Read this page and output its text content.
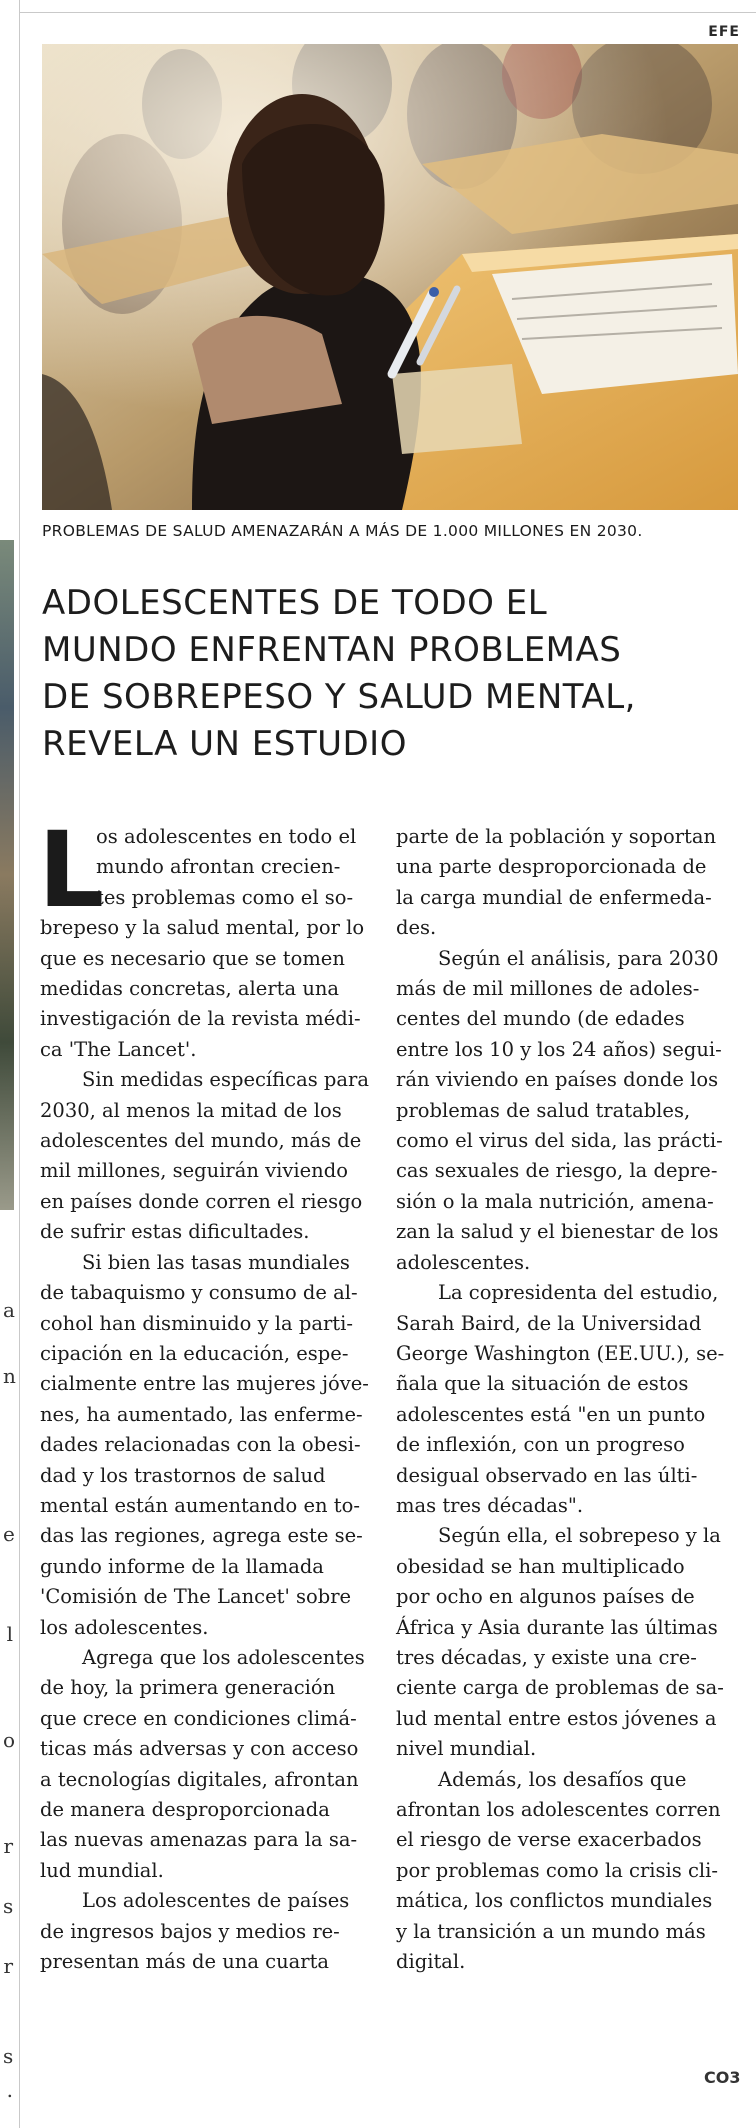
a
n
e
l
o
r
s
r
s
.
EFE
PROBLEMAS DE SALUD AMENAZARÁN A MÁS DE 1.000 MILLONES EN 2030.
ADOLESCENTES DE TODO EL
MUNDO ENFRENTAN PROBLEMAS
DE SOBREPESO Y SALUD MENTAL,
REVELA UN ESTUDIO
L
os adolescentes en todo el
mundo afrontan crecien-
tes problemas como el so-
brepeso y la salud mental, por lo
que es necesario que se tomen
medidas concretas, alerta una
investigación de la revista médi-
ca 'The Lancet'.
Sin medidas específicas para
2030, al menos la mitad de los
adolescentes del mundo, más de
mil millones, seguirán viviendo
en países donde corren el riesgo
de sufrir estas dificultades.
Si bien las tasas mundiales
de tabaquismo y consumo de al-
cohol han disminuido y la parti-
cipación en la educación, espe-
cialmente entre las mujeres jóve-
nes, ha aumentado, las enferme-
dades relacionadas con la obesi-
dad y los trastornos de salud
mental están aumentando en to-
das las regiones, agrega este se-
gundo informe de la llamada
'Comisión de The Lancet' sobre
los adolescentes.
Agrega que los adolescentes
de hoy, la primera generación
que crece en condiciones climá-
ticas más adversas y con acceso
a tecnologías digitales, afrontan
de manera desproporcionada
las nuevas amenazas para la sa-
lud mundial.
Los adolescentes de países
de ingresos bajos y medios re-
presentan más de una cuarta
parte de la población y soportan
una parte desproporcionada de
la carga mundial de enfermeda-
des.
Según el análisis, para 2030
más de mil millones de adoles-
centes del mundo (de edades
entre los 10 y los 24 años) segui-
rán viviendo en países donde los
problemas de salud tratables,
como el virus del sida, las prácti-
cas sexuales de riesgo, la depre-
sión o la mala nutrición, amena-
zan la salud y el bienestar de los
adolescentes.
La copresidenta del estudio,
Sarah Baird, de la Universidad
George Washington (EE.UU.), se-
ñala que la situación de estos
adolescentes está "en un punto
de inflexión, con un progreso
desigual observado en las últi-
mas tres décadas".
Según ella, el sobrepeso y la
obesidad se han multiplicado
por ocho en algunos países de
África y Asia durante las últimas
tres décadas, y existe una cre-
ciente carga de problemas de sa-
lud mental entre estos jóvenes a
nivel mundial.
Además, los desafíos que
afrontan los adolescentes corren
el riesgo de verse exacerbados
por problemas como la crisis cli-
mática, los conflictos mundiales
y la transición a un mundo más
digital.
CO3
